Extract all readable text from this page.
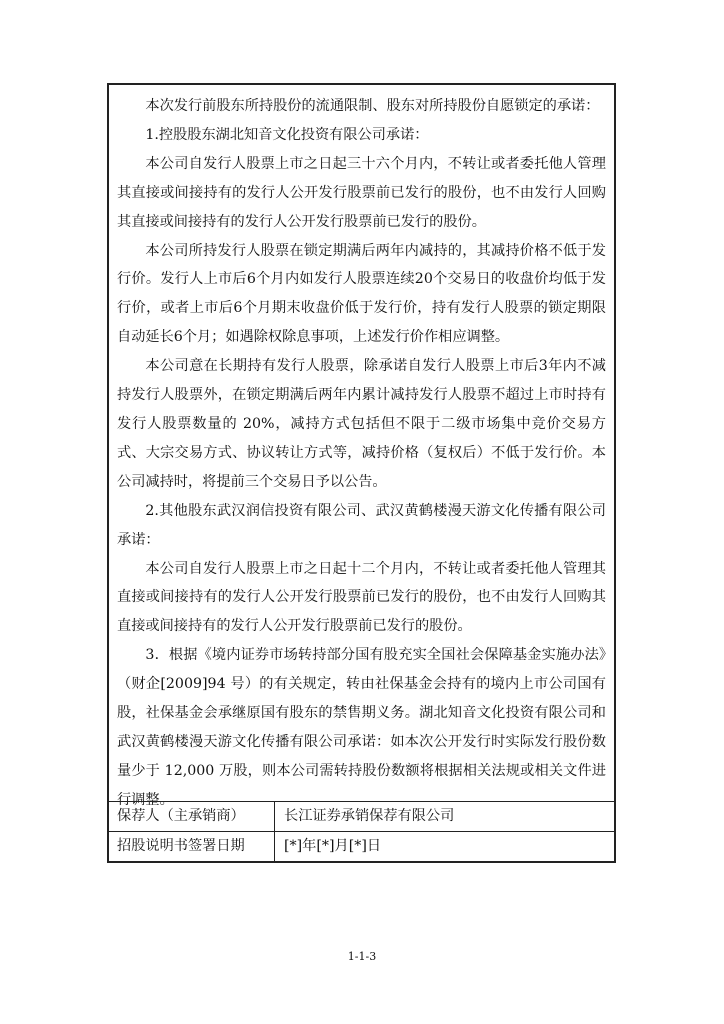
本次发行前股东所持股份的流通限制、股东对所持股份自愿锁定的承诺：

1.控股股东湖北知音文化投资有限公司承诺：

本公司自发行人股票上市之日起三十六个月内，不转让或者委托他人管理其直接或间接持有的发行人公开发行股票前已发行的股份，也不由发行人回购其直接或间接持有的发行人公开发行股票前已发行的股份。

本公司所持发行人股票在锁定期满后两年内减持的，其减持价格不低于发行价。发行人上市后6个月内如发行人股票连续20个交易日的收盘价均低于发行价，或者上市后6个月期末收盘价低于发行价，持有发行人股票的锁定期限自动延长6个月；如遇除权除息事项，上述发行价作相应调整。

本公司意在长期持有发行人股票，除承诺自发行人股票上市后3年内不减持发行人股票外，在锁定期满后两年内累计减持发行人股票不超过上市时持有发行人股票数量的 20%，减持方式包括但不限于二级市场集中竞价交易方式、大宗交易方式、协议转让方式等，减持价格（复权后）不低于发行价。本公司减持时，将提前三个交易日予以公告。

2.其他股东武汉润信投资有限公司、武汉黄鹤楼漫天游文化传播有限公司承诺：

本公司自发行人股票上市之日起十二个月内，不转让或者委托他人管理其直接或间接持有的发行人公开发行股票前已发行的股份，也不由发行人回购其直接或间接持有的发行人公开发行股票前已发行的股份。

3．根据《境内证券市场转持部分国有股充实全国社会保障基金实施办法》（财企[2009]94 号）的有关规定，转由社保基金会持有的境内上市公司国有股，社保基金会承继原国有股东的禁售期义务。湖北知音文化投资有限公司和武汉黄鹤楼漫天游文化传播有限公司承诺：如本次公开发行时实际发行股份数量少于 12,000 万股，则本公司需转持股份数额将根据相关法规或相关文件进行调整。

保荐人（主承销商）	长江证券承销保荐有限公司
招股说明书签署日期	[*]年[*]月[*]日
1-1-3
